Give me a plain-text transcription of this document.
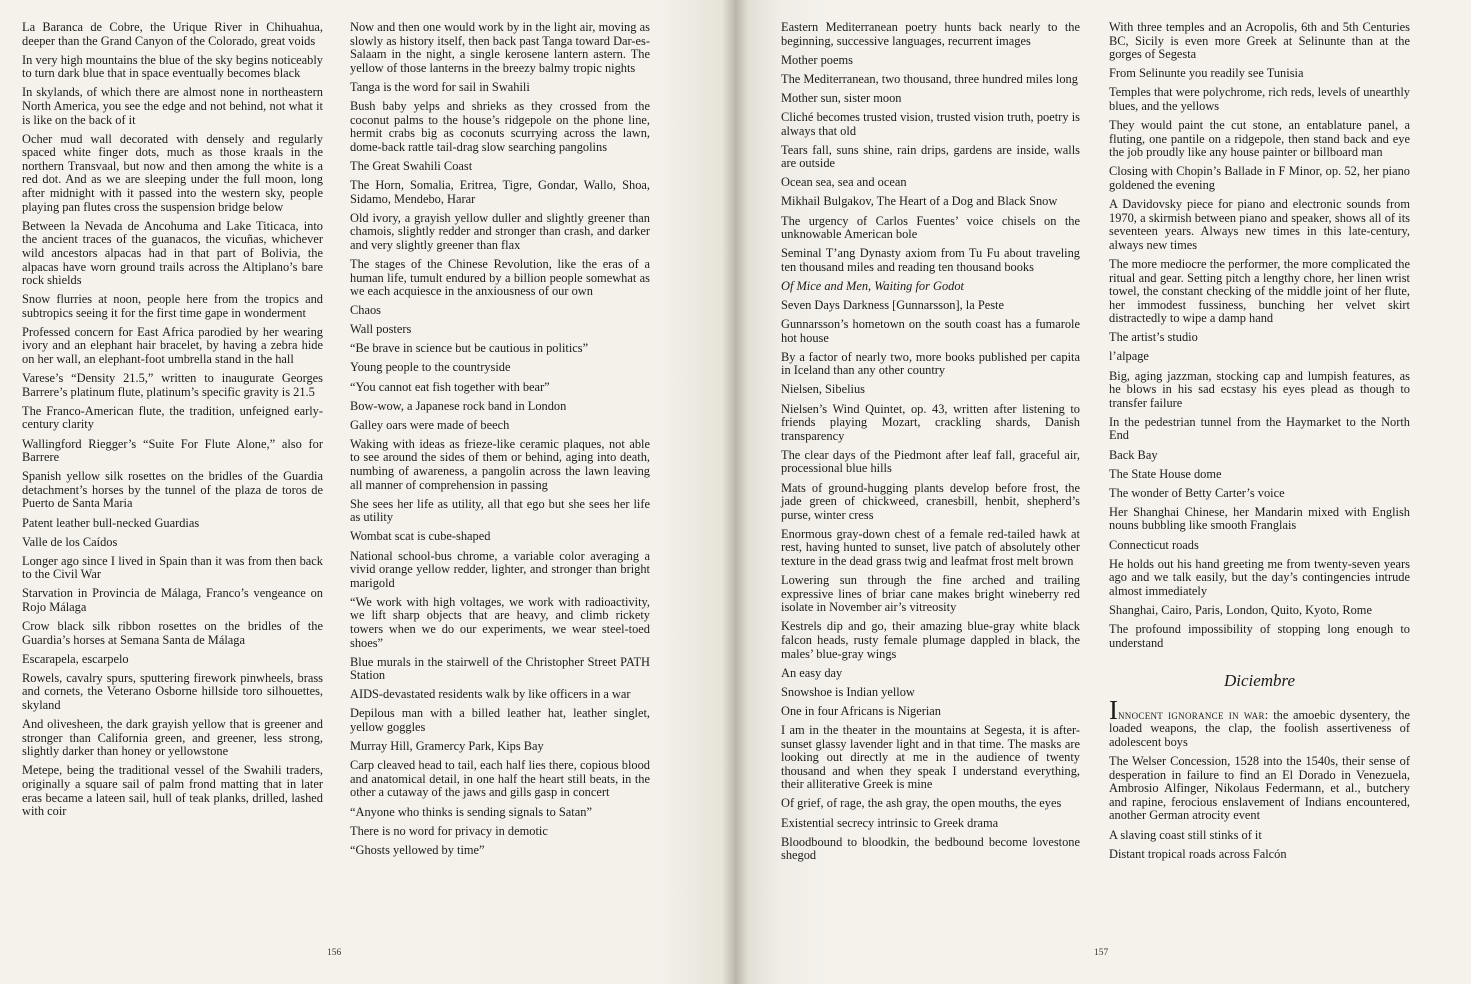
La Baranca de Cobre, the Urique River in Chihuahua, deeper than the Grand Canyon of the Colorado, great voids

In very high mountains the blue of the sky begins noticeably to turn dark blue that in space eventually becomes black

In skylands, of which there are almost none in northeastern North America, you see the edge and not behind, not what it is like on the back of it

Ocher mud wall decorated with densely and regularly spaced white finger dots, much as those kraals in the northern Transvaal, but now and then among the white is a red dot. And as we are sleeping under the full moon, long after midnight with it passed into the western sky, people playing pan flutes cross the suspension bridge below

Between la Nevada de Ancohuma and Lake Titicaca, into the ancient traces of the guanacos, the vicuñas, whichever wild ancestors alpacas had in that part of Bolivia, the alpacas have worn ground trails across the Altiplano’s bare rock shields

Snow flurries at noon, people here from the tropics and subtropics seeing it for the first time gape in wonderment

Professed concern for East Africa parodied by her wearing ivory and an elephant hair bracelet, by having a zebra hide on her wall, an elephant-foot umbrella stand in the hall

Varese’s “Density 21.5,” written to inaugurate Georges Barrere’s platinum flute, platinum’s specific gravity is 21.5

The Franco-American flute, the tradition, unfeigned early-century clarity

Wallingford Riegger’s “Suite For Flute Alone,” also for Barrere

Spanish yellow silk rosettes on the bridles of the Guardia detachment’s horses by the tunnel of the plaza de toros de Puerto de Santa Maria

Patent leather bull-necked Guardias

Valle de los Caídos

Longer ago since I lived in Spain than it was from then back to the Civil War

Starvation in Provincia de Málaga, Franco’s vengeance on Rojo Málaga

Crow black silk ribbon rosettes on the bridles of the Guardia’s horses at Semana Santa de Málaga

Escarapela, escarpelo

Rowels, cavalry spurs, sputtering firework pinwheels, brass and cornets, the Veterano Osborne hillside toro silhouettes, skyland

And olivesheen, the dark grayish yellow that is greener and stronger than California green, and greener, less strong, slightly darker than honey or yellowstone

Metepe, being the traditional vessel of the Swahili traders, originally a square sail of palm frond matting that in later eras became a lateen sail, hull of teak planks, drilled, lashed with coir

Now and then one would work by in the light air, moving as slowly as history itself, then back past Tanga toward Dar-es-Salaam in the night, a single kerosene lantern astern. The yellow of those lanterns in the breezy balmy tropic nights

Tanga is the word for sail in Swahili

Bush baby yelps and shrieks as they crossed from the coconut palms to the house’s ridgepole on the phone line, hermit crabs big as coconuts scurrying across the lawn, dome-back rattle tail-drag slow searching pangolins

The Great Swahili Coast

The Horn, Somalia, Eritrea, Tigre, Gondar, Wallo, Shoa, Sidamo, Mendebo, Harar

Old ivory, a grayish yellow duller and slightly greener than chamois, slightly redder and stronger than crash, and darker and very slightly greener than flax

The stages of the Chinese Revolution, like the eras of a human life, tumult endured by a billion people somewhat as we each acquiesce in the anxiousness of our own

Chaos

Wall posters

“Be brave in science but be cautious in politics”

Young people to the countryside

“You cannot eat fish together with bear”

Bow-wow, a Japanese rock band in London

Galley oars were made of beech

Waking with ideas as frieze-like ceramic plaques, not able to see around the sides of them or behind, aging into death, numbing of awareness, a pangolin across the lawn leaving all manner of comprehension in passing

She sees her life as utility, all that ego but she sees her life as utility

Wombat scat is cube-shaped

National school-bus chrome, a variable color averaging a vivid orange yellow redder, lighter, and stronger than bright marigold

“We work with high voltages, we work with radioactivity, we lift sharp objects that are heavy, and climb rickety towers when we do our experiments, we wear steel-toed shoes”

Blue murals in the stairwell of the Christopher Street PATH Station

AIDS-devastated residents walk by like officers in a war

Depilous man with a billed leather hat, leather singlet, yellow goggles

Murray Hill, Gramercy Park, Kips Bay

Carp cleaved head to tail, each half lies there, copious blood and anatomical detail, in one half the heart still beats, in the other a cutaway of the jaws and gills gasp in concert

“Anyone who thinks is sending signals to Satan”

There is no word for privacy in demotic

“Ghosts yellowed by time”

156

Eastern Mediterranean poetry hunts back nearly to the beginning, successive languages, recurrent images

Mother poems

The Mediterranean, two thousand, three hundred miles long

Mother sun, sister moon

Cliché becomes trusted vision, trusted vision truth, poetry is always that old

Tears fall, suns shine, rain drips, gardens are inside, walls are outside

Ocean sea, sea and ocean

Mikhail Bulgakov, The Heart of a Dog and Black Snow

The urgency of Carlos Fuentes’ voice chisels on the unknowable American bole

Seminal T’ang Dynasty axiom from Tu Fu about traveling ten thousand miles and reading ten thousand books

Of Mice and Men, Waiting for Godot

Seven Days Darkness [Gunnarsson], la Peste

Gunnarsson’s hometown on the south coast has a fumarole hot house

By a factor of nearly two, more books published per capita in Iceland than any other country

Nielsen, Sibelius

Nielsen’s Wind Quintet, op. 43, written after listening to friends playing Mozart, crackling shards, Danish transparency

The clear days of the Piedmont after leaf fall, graceful air, processional blue hills

Mats of ground-hugging plants develop before frost, the jade green of chickweed, cranesbill, henbit, shepherd’s purse, winter cress

Enormous gray-down chest of a female red-tailed hawk at rest, having hunted to sunset, live patch of absolutely other texture in the dead grass twig and leafmat frost melt brown

Lowering sun through the fine arched and trailing expressive lines of briar cane makes bright wineberry red isolate in November air’s vitreosity

Kestrels dip and go, their amazing blue-gray white black falcon heads, rusty female plumage dappled in black, the males’ blue-gray wings

An easy day

Snowshoe is Indian yellow

One in four Africans is Nigerian

I am in the theater in the mountains at Segesta, it is after-sunset glassy lavender light and in that time. The masks are looking out directly at me in the audience of twenty thousand and when they speak I understand everything, their alliterative Greek is mine

Of grief, of rage, the ash gray, the open mouths, the eyes

Existential secrecy intrinsic to Greek drama

Bloodbound to bloodkin, the bedbound become lovestone shegod

With three temples and an Acropolis, 6th and 5th Centuries BC, Sicily is even more Greek at Selinunte than at the gorges of Segesta

From Selinunte you readily see Tunisia

Temples that were polychrome, rich reds, levels of unearthly blues, and the yellows

They would paint the cut stone, an entablature panel, a fluting, one pantile on a ridgepole, then stand back and eye the job proudly like any house painter or billboard man

Closing with Chopin’s Ballade in F Minor, op. 52, her piano goldened the evening

A Davidovsky piece for piano and electronic sounds from 1970, a skirmish between piano and speaker, shows all of its seventeen years. Always new times in this late-century, always new times

The more mediocre the performer, the more complicated the ritual and gear. Setting pitch a lengthy chore, her linen wrist towel, the constant checking of the middle joint of her flute, her immodest fussiness, bunching her velvet skirt distractedly to wipe a damp hand

The artist’s studio

l’alpage

Big, aging jazzman, stocking cap and lumpish features, as he blows in his sad ecstasy his eyes plead as though to transfer failure

In the pedestrian tunnel from the Haymarket to the North End

Back Bay

The State House dome

The wonder of Betty Carter’s voice

Her Shanghai Chinese, her Mandarin mixed with English nouns bubbling like smooth Franglais

Connecticut roads

He holds out his hand greeting me from twenty-seven years ago and we talk easily, but the day’s contingencies intrude almost immediately

Shanghai, Cairo, Paris, London, Quito, Kyoto, Rome

The profound impossibility of stopping long enough to understand

Diciembre

Innocent ignorance in war: the amoebic dysentery, the loaded weapons, the clap, the foolish assertiveness of adolescent boys

The Welser Concession, 1528 into the 1540s, their sense of desperation in failure to find an El Dorado in Venezuela, Ambrosio Alfinger, Nikolaus Federmann, et al., butchery and rapine, ferocious enslavement of Indians encountered, another German atrocity event

A slaving coast still stinks of it

Distant tropical roads across Falcón

157
